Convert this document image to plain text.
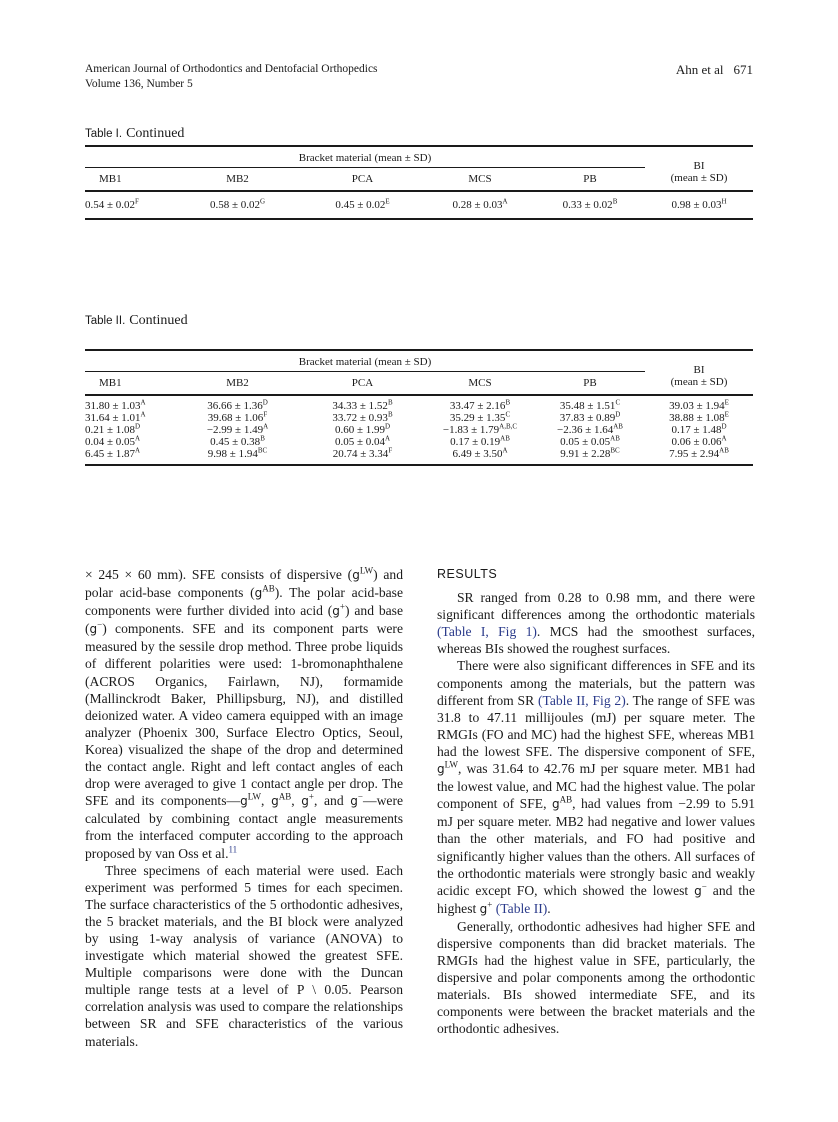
American Journal of Orthodontics and Dentofacial Orthopedics
Volume 136, Number 5
Ahn et al 671
Table I. Continued
Bracket material (mean ± SD)					BI
(mean ± SD)

MB1	MB2	PCA	MCS	PB	
$0.54 \pm 0.02^F$	$0.58 \pm 0.02^G$	$0.45 \pm 0.02^E$	$0.28 \pm 0.03^A$	$0.33 \pm 0.02^B$	$0.98 \pm 0.03^H$
Table II. Continued
Bracket material (mean ± SD)					BI
(mean ± SD)

MB1	MB2	PCA	MCS	PB	
$31.80 \pm 1.03^A$	$36.66 \pm 1.36^D$	$34.33 \pm 1.52^B$	$33.47 \pm 2.16^B$	$35.48 \pm 1.51^C$	$39.03 \pm 1.94^E$
$31.64 \pm 1.01^A$	$39.68 \pm 1.06^F$	$33.72 \pm 0.93^B$	$35.29 \pm 1.35^C$	$37.83 \pm 0.89^D$	$38.88 \pm 1.08^E$
$0.21 \pm 1.08^D$	$-2.99 \pm 1.49^A$	$0.60 \pm 1.99^D$	$-1.83 \pm 1.79^{A,B,C}$	$-2.36 \pm 1.64^{AB}$	$0.17 \pm 1.48^D$
$0.04 \pm 0.05^A$	$0.45 \pm 0.38^B$	$0.05 \pm 0.04^A$	$0.17 \pm 0.19^{AB}$	$0.05 \pm 0.05^{AB}$	$0.06 \pm 0.06^A$
$6.45 \pm 1.87^A$	$9.98 \pm 1.94^{BC}$	$20.74 \pm 3.34^F$	$6.49 \pm 3.50^A$	$9.91 \pm 2.28^{BC}$	$7.95 \pm 2.94^{AB}$

× 245 × 60 mm). SFE consists of dispersive $(g^{LW})$ and polar acid-base components $(g^{AB})$. The polar acid-base components were further divided into acid (g+) and base (g−) components. SFE and its component parts were measured by the sessile drop method. Three probe liquids of different polarities were used: 1-bromonaphthalene (ACROS Organics, Fairlawn, NJ), formamide (Mallinckrodt Baker, Phillipsburg, NJ), and distilled deionized water. A video camera equipped with an image analyzer (Phoenix 300, Surface Electro Optics, Seoul, Korea) visualized the shape of the drop and determined the contact angle. Right and left contact angles of each drop were averaged to give 1 contact angle per drop. The SFE and its $components—g^{LW}$, $g^{AB}$, g+, and g−—were calculated by combining contact angle measurements from the interfaced computer according to the approach proposed by van Oss et al.$^{11}$

Three specimens of each material were used. Each experiment was performed 5 times for each specimen. The surface characteristics of the 5 orthodontic adhesives, the 5 bracket materials, and the BI block were analyzed by using 1-way analysis of variance (ANOVA) to investigate which material showed the greatest SFE. Multiple comparisons were done with the Duncan multiple range tests at a level of P \ 0.05. Pearson correlation analysis was used to compare the relationships between SR and SFE characteristics of the various materials.

RESULTS

SR ranged from 0.28 to 0.98 mm, and there were significant differences among the orthodontic materials (Table I, Fig 1). MCS had the smoothest surfaces, whereas BIs showed the roughest surfaces.

There were also significant differences in SFE and its components among the materials, but the pattern was different from SR (Table II, Fig 2). The range of SFE was 31.8 to 47.11 millijoules (mJ) per square meter. The RMGIs (FO and MC) had the highest SFE, whereas MB1 had the lowest SFE. The dispersive component of SFE, $g^{LW}$, was 31.64 to 42.76 mJ per square meter. MB1 had the lowest value, and MC had the highest value. The polar component of SFE, $g^{AB}$, had values from −2.99 to 5.91 mJ per square meter. MB2 had negative and lower values than the other materials, and FO had positive and significantly higher values than the others. All surfaces of the orthodontic materials were strongly basic and weakly acidic except FO, which showed the lowest g− and the highest g+ (Table II).

Generally, orthodontic adhesives had higher SFE and dispersive components than did bracket materials. The RMGIs had the highest value in SFE, particularly, the dispersive and polar components among the orthodontic materials. BIs showed intermediate SFE, and its components were between the bracket materials and the orthodontic adhesives.
